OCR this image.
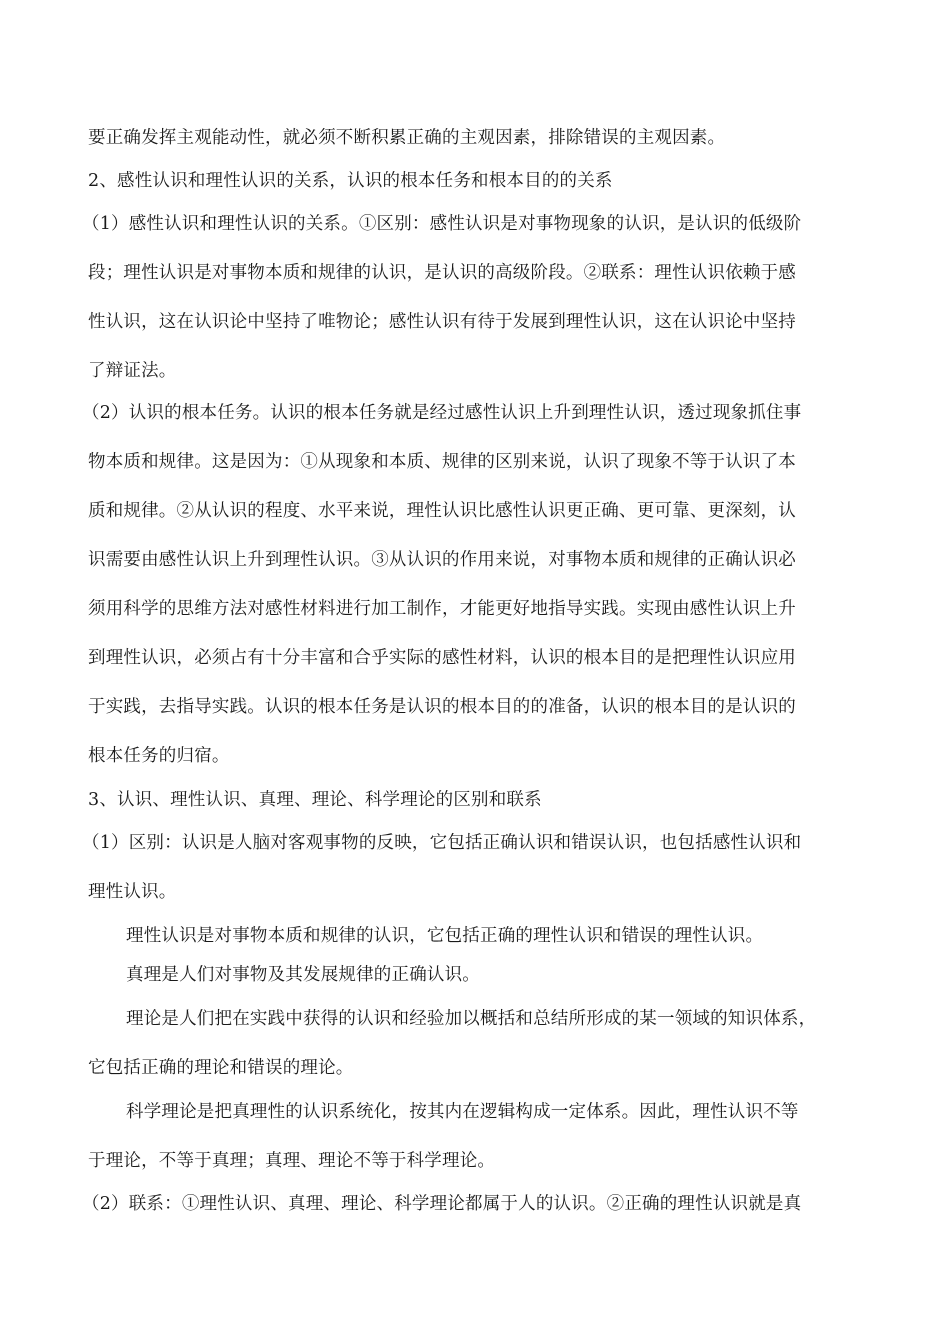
要正确发挥主观能动性，就必须不断积累正确的主观因素，排除错误的主观因素。
2、感性认识和理性认识的关系，认识的根本任务和根本目的的关系
（1）感性认识和理性认识的关系。①区别：感性认识是对事物现象的认识，是认识的低级阶
段；理性认识是对事物本质和规律的认识，是认识的高级阶段。②联系：理性认识依赖于感
性认识，这在认识论中坚持了唯物论；感性认识有待于发展到理性认识，这在认识论中坚持
了辩证法。
（2）认识的根本任务。认识的根本任务就是经过感性认识上升到理性认识，透过现象抓住事
物本质和规律。这是因为：①从现象和本质、规律的区别来说，认识了现象不等于认识了本
质和规律。②从认识的程度、水平来说，理性认识比感性认识更正确、更可靠、更深刻，认
识需要由感性认识上升到理性认识。③从认识的作用来说，对事物本质和规律的正确认识必
须用科学的思维方法对感性材料进行加工制作，才能更好地指导实践。实现由感性认识上升
到理性认识，必须占有十分丰富和合乎实际的感性材料，认识的根本目的是把理性认识应用
于实践，去指导实践。认识的根本任务是认识的根本目的的准备，认识的根本目的是认识的
根本任务的归宿。
3、认识、理性认识、真理、理论、科学理论的区别和联系
（1）区别：认识是人脑对客观事物的反映，它包括正确认识和错误认识，也包括感性认识和
理性认识。
理性认识是对事物本质和规律的认识，它包括正确的理性认识和错误的理性认识。
真理是人们对事物及其发展规律的正确认识。
理论是人们把在实践中获得的认识和经验加以概括和总结所形成的某一领域的知识体系，
它包括正确的理论和错误的理论。
科学理论是把真理性的认识系统化，按其内在逻辑构成一定体系。因此，理性认识不等
于理论，不等于真理；真理、理论不等于科学理论。
（2）联系：①理性认识、真理、理论、科学理论都属于人的认识。②正确的理性认识就是真
